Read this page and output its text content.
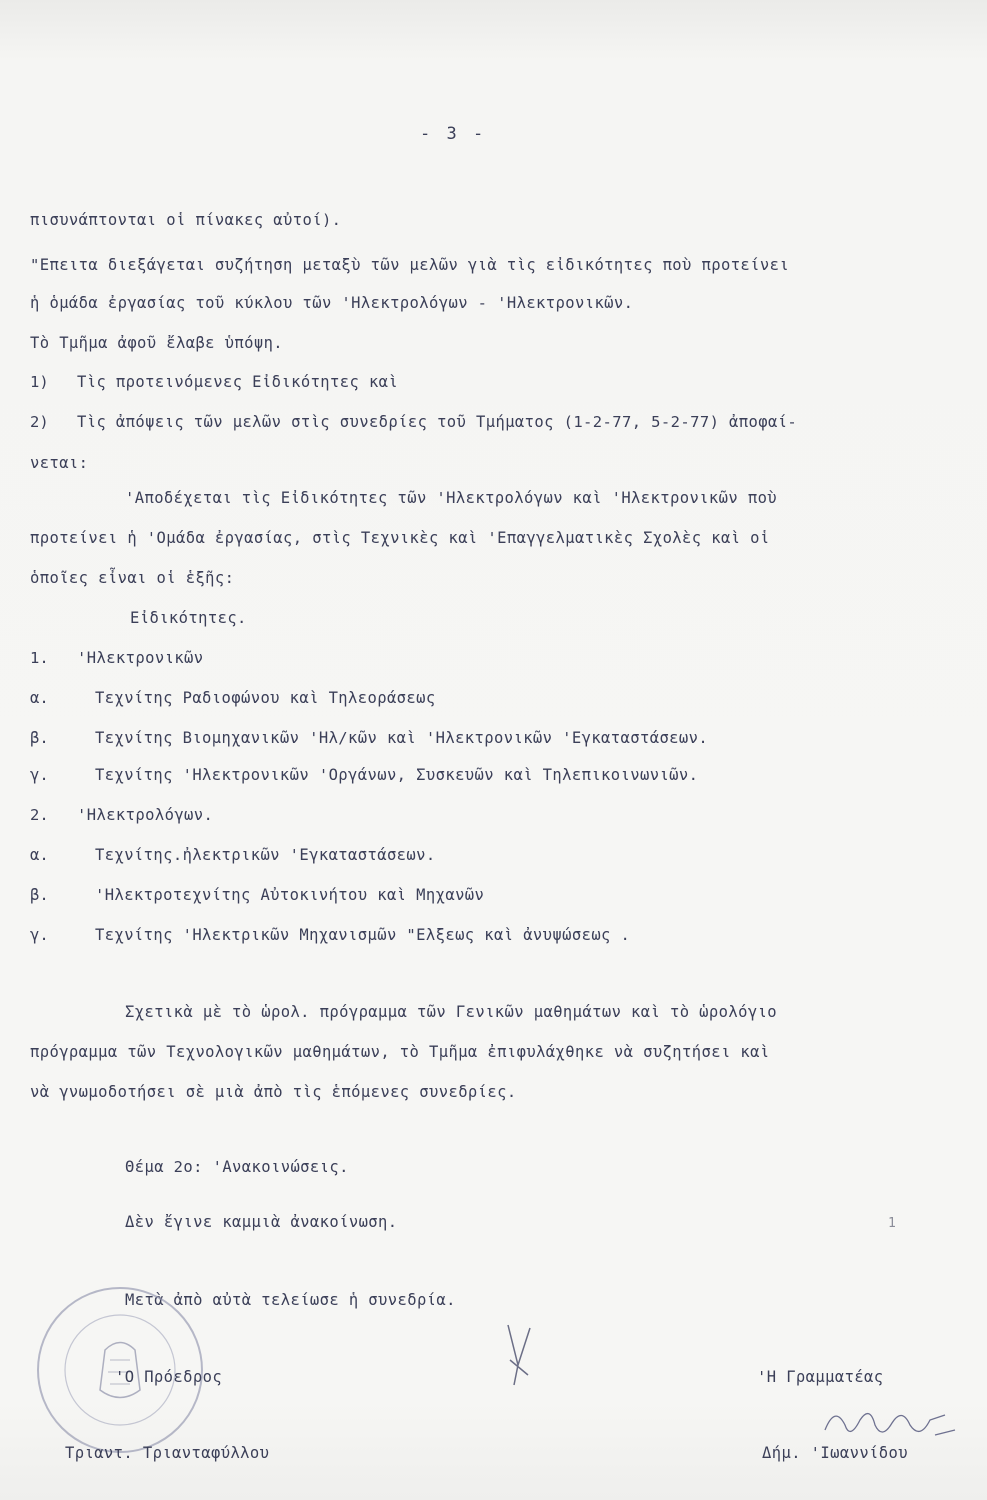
- 3 -
πισυνάπτονται οἱ πίνακες αὐτοί).
"Επειτα διεξάγεται συζήτηση μεταξὺ τῶν μελῶν γιὰ τὶς εἰδικότητες ποὺ προτείνει
ἡ ὁμάδα ἐργασίας τοῦ κύκλου τῶν 'Ηλεκτρολόγων - 'Ηλεκτρονικῶν.
Τὸ Τμῆμα ἀφοῦ ἔλαβε ὑπόψη.
1) Τὶς προτεινόμενες Εἰδικότητες καὶ
2) Τὶς ἀπόψεις τῶν μελῶν στὶς συνεδρίες τοῦ Τμήματος (1-2-77, 5-2-77) ἀποφαί-
νεται:
'Αποδέχεται τὶς Εἰδικότητες τῶν 'Ηλεκτρολόγων καὶ 'Ηλεκτρονικῶν ποὺ
προτείνει ἡ 'Ομάδα ἐργασίας, στὶς Τεχνικὲς καὶ 'Επαγγελματικὲς Σχολὲς καὶ οἱ
ὁποῖες εἶναι οἱ ἑξῆς:
Εἰδικότητες.
1. 'Ηλεκτρονικῶν
α.	Τεχνίτης Ραδιοφώνου καὶ Τηλεοράσεως
β.	Τεχνίτης Βιομηχανικῶν 'Ηλ/κῶν καὶ 'Ηλεκτρονικῶν 'Εγκαταστάσεων.
γ.	Τεχνίτης 'Ηλεκτρονικῶν 'Οργάνων, Συσκευῶν καὶ Τηλεπικοινωνιῶν.
2. 'Ηλεκτρολόγων.
α.	Τεχνίτης.ἠλεκτρικῶν 'Εγκαταστάσεων.
β.	'Ηλεκτροτεχνίτης Αὐτοκινήτου καὶ Μηχανῶν
γ.	Τεχνίτης 'Ηλεκτρικῶν Μηχανισμῶν "Ελξεως καὶ ἀνυψώσεως .
Σχετικὰ μὲ τὸ ὡρολ. πρόγραμμα τῶν Γενικῶν μαθημάτων καὶ τὸ ὡρολόγιο
πρόγραμμα τῶν Τεχνολογικῶν μαθημάτων, τὸ Τμῆμα ἐπιφυλάχθηκε νὰ συζητήσει καὶ
νὰ γνωμοδοτήσει σὲ μιὰ ἀπὸ τὶς ἑπόμενες συνεδρίες.
Θέμα 2ο: 'Ανακοινώσεις.
Δὲν ἔγινε καμμιὰ ἀνακοίνωση.	1
Μετὰ ἀπὸ αὐτὰ τελείωσε ἡ συνεδρία.
'Ο Πρόεδρος
Τριαντ. Τριανταφύλλου
'Η Γραμματέας
Δήμ. 'Ιωαννίδου
